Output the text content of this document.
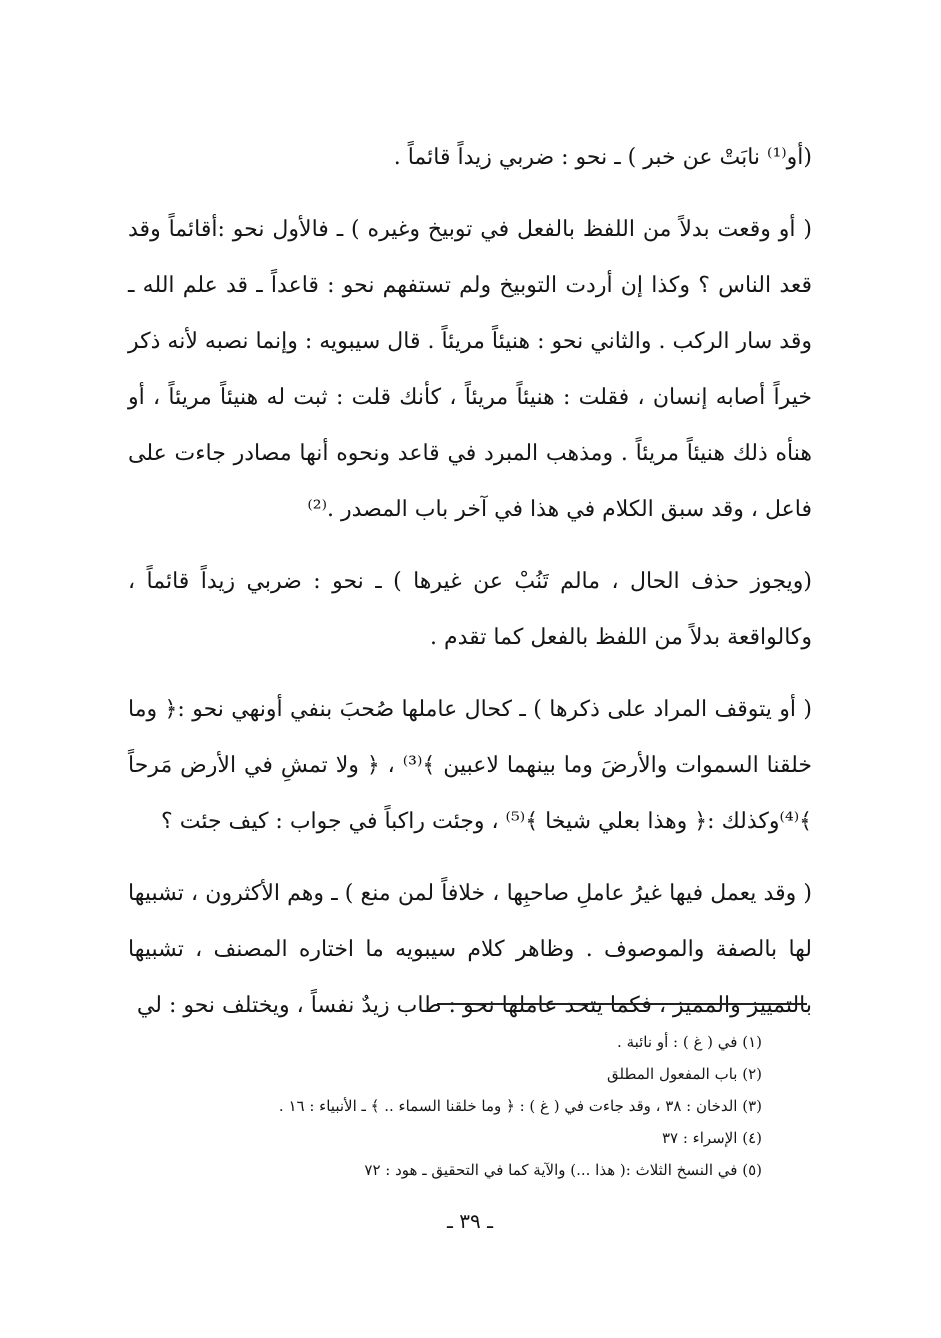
(أو⁽¹⁾ نابَتْ عن خبر ) ـ نحو : ضربي زيداً قائماً .

( أو وقعت بدلاً من اللفظ بالفعل في توبيخ وغيره ) ـ فالأول نحو :أقائماً وقد قعد الناس ؟ وكذا إن أردت التوبيخ ولم تستفهم نحو : قاعداً ـ قد علم الله ـ وقد سار الركب . والثاني نحو : هنيئاً مريئاً . قال سيبويه : وإنما نصبه لأنه ذكر خيراً أصابه إنسان ، فقلت : هنيئاً مريئاً ، كأنك قلت : ثبت له هنيئاً مريئاً ، أو هنأه ذلك هنيئاً مريئاً . ومذهب المبرد في قاعد ونحوه أنها مصادر جاءت على فاعل ، وقد سبق الكلام في هذا في آخر باب المصدر .⁽²⁾

(ويجوز حذف الحال ، مالم تَنُبْ عن غيرها ) ـ نحو : ضربي زيداً قائماً ، وكالواقعة بدلاً من اللفظ بالفعل كما تقدم .

( أو يتوقف المراد على ذكرها ) ـ كحال عاملها صُحبَ بنفي أونهي نحو :﴿ وما خلقنا السموات والأرضَ وما بينهما لاعبين ﴾⁽³⁾ ، ﴿ ولا تمشِ في الأرض مَرحاً ﴾⁽⁴⁾وكذلك :﴿ وهذا بعلي شيخا ﴾⁽⁵⁾ ، وجئت راكباً في جواب : كيف جئت ؟

( وقد يعمل فيها غيرُ عاملِ صاحبِها ، خلافاً لمن منع ) ـ وهم الأكثرون ، تشبيها لها بالصفة والموصوف . وظاهر كلام سيبويه ما اختاره المصنف ، تشبيها بالتمييز والمميز ، فكما يتحد عاملها نحو : طاب زيدٌ نفساً ، ويختلف نحو : لي

(١) في ( غ ) : أو نائبة .

(٢) باب المفعول المطلق

(٣) الدخان : ٣٨ ، وقد جاءت في ( غ ) : ﴿ وما خلقنا السماء .. ﴾ ـ الأنبياء : ١٦ .

(٤) الإسراء : ٣٧

(٥) في النسخ الثلاث :( هذا ...) والآية كما في التحقيق ـ هود : ٧٢

ـ ٣٩ ـ
